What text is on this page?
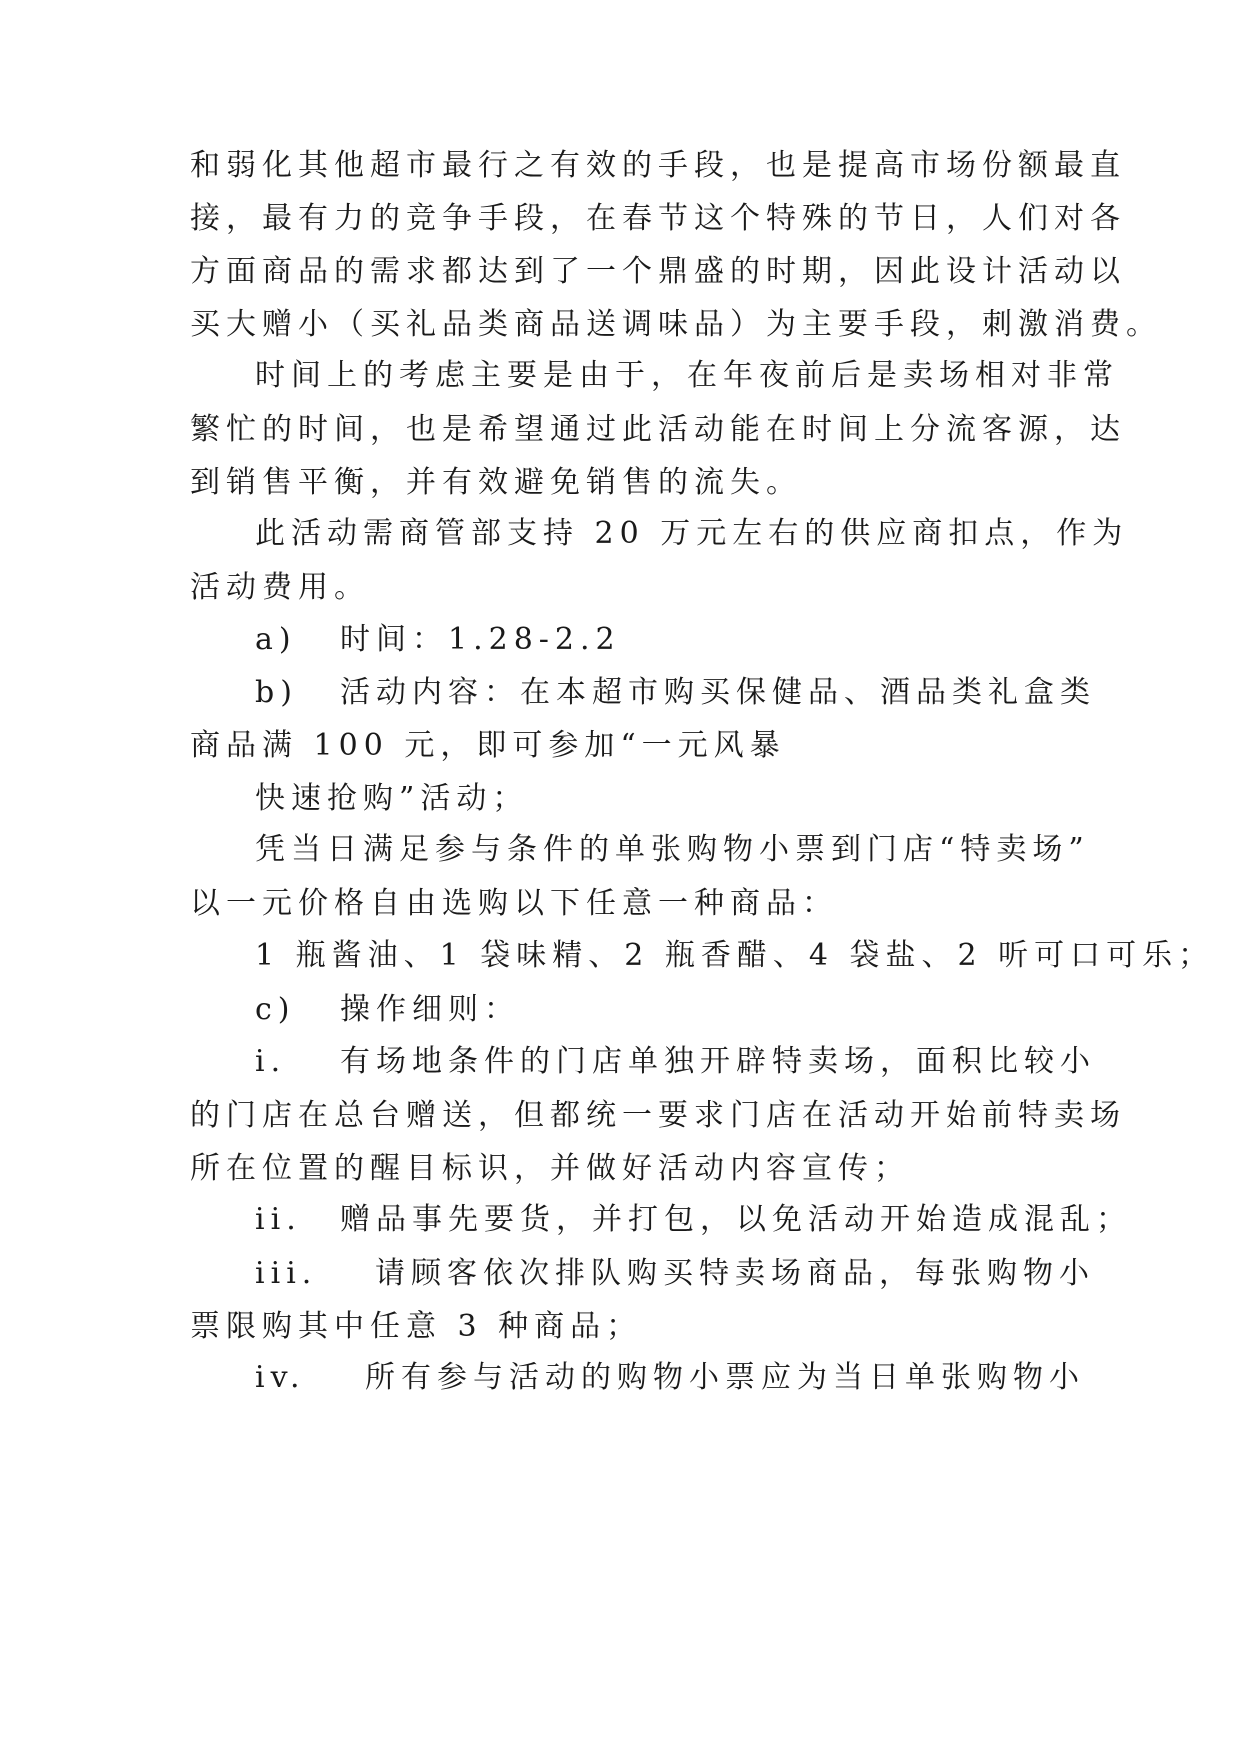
和弱化其他超市最行之有效的手段，也是提高市场份额最直
接，最有力的竞争手段，在春节这个特殊的节日，人们对各
方面商品的需求都达到了一个鼎盛的时期，因此设计活动以
买大赠小（买礼品类商品送调味品）为主要手段，刺激消费。
时间上的考虑主要是由于，在年夜前后是卖场相对非常
繁忙的时间，也是希望通过此活动能在时间上分流客源，达
到销售平衡，并有效避免销售的流失。
此活动需商管部支持 20 万元左右的供应商扣点，作为
活动费用。
a) 时间：1.28-2.2
b) 活动内容：在本超市购买保健品、酒品类礼盒类
商品满 100 元，即可参加“一元风暴
快速抢购”活动；
凭当日满足参与条件的单张购物小票到门店“特卖场”
以一元价格自由选购以下任意一种商品：
1 瓶酱油、1 袋味精、2 瓶香醋、4 袋盐、2 听可口可乐；
c) 操作细则：
i. 有场地条件的门店单独开辟特卖场，面积比较小
的门店在总台赠送，但都统一要求门店在活动开始前特卖场
所在位置的醒目标识，并做好活动内容宣传；
ii. 赠品事先要货，并打包，以免活动开始造成混乱；
iii. 请顾客依次排队购买特卖场商品，每张购物小
票限购其中任意 3 种商品；
iv. 所有参与活动的购物小票应为当日单张购物小
